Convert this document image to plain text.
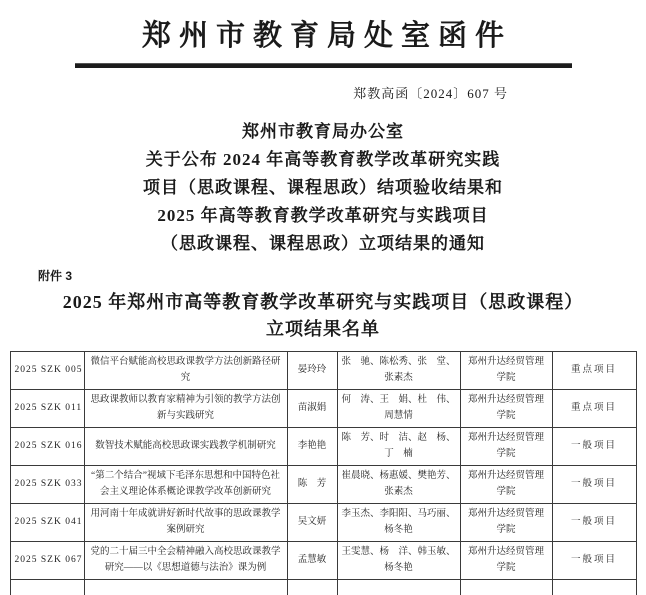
郑州市教育局处室函件
郑教高函〔2024〕607 号
郑州市教育局办公室
关于公布 2024 年高等教育教学改革研究实践
项目（思政课程、课程思政）结项验收结果和
2025 年高等教育教学改革研究与实践项目
（思政课程、课程思政）立项结果的通知
附件 3
2025 年郑州市高等教育教学改革研究与实践项目（思政课程）
立项结果名单
2025 SZK 005	微信平台赋能高校思政课教学方法创新路径研究	晏玲玲	张　驰、陈松秀、张　堂、张素杰	郑州升达经贸管理学院	重点项目
2025 SZK 011	思政课教师以教育家精神为引领的教学方法创新与实践研究	苗淑娟	何　涛、王　娟、杜　伟、周慧情	郑州升达经贸管理学院	重点项目
2025 SZK 016	数智技术赋能高校思政课实践教学机制研究	李艳艳	陈　芳、时　洁、赵　杨、丁　楠	郑州升达经贸管理学院	一般项目
2025 SZK 033	“第二个结合”视域下毛泽东思想和中国特色社会主义理论体系概论课教学改革创新研究	陈　芳	崔晨晓、杨惠媛、樊艳芳、张素杰	郑州升达经贸管理学院	一般项目
2025 SZK 041	用河南十年成就讲好新时代故事的思政课教学案例研究	吴文妍	李玉杰、李阳阳、马巧丽、杨冬艳	郑州升达经贸管理学院	一般项目
2025 SZK 067	党的二十届三中全会精神融入高校思政课教学研究——以《思想道德与法治》课为例	孟慧敏	王雯慧、杨　洋、韩玉敏、杨冬艳	郑州升达经贸管理学院	一般项目
